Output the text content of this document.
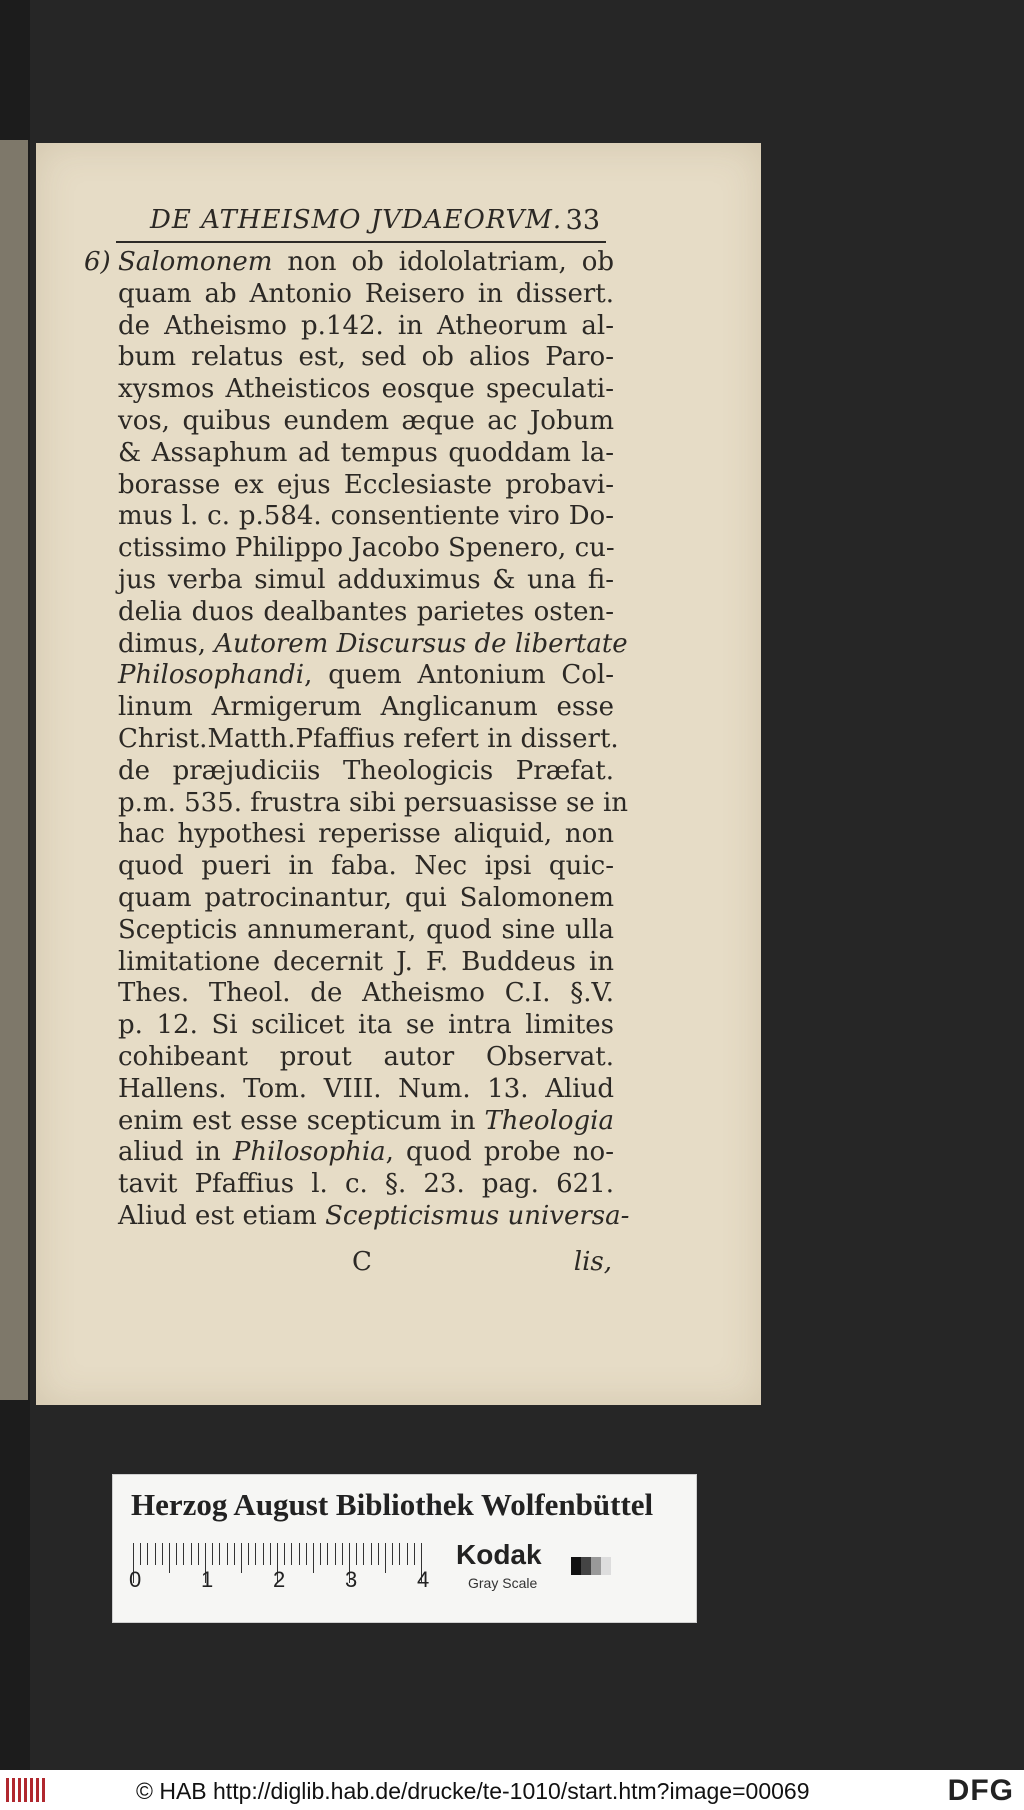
DE ATHEISMO JVDAEORVM. 33
6) Salomonem non ob idololatriam, ob
quam ab Antonio Reisero in dissert.
de Atheismo p.142. in Atheorum al-
bum relatus est, sed ob alios Paro-
xysmos Atheisticos eosque speculati-
vos, quibus eundem æque ac Jobum
& Assaphum ad tempus quoddam la-
borasse ex ejus Ecclesiaste probavi-
mus l. c. p.584. consentiente viro Do-
ctissimo Philippo Jacobo Spenero, cu-
jus verba simul adduximus & una fi-
delia duos dealbantes parietes osten-
dimus, Autorem Discursus de libertate
Philosophandi, quem Antonium Col-
linum Armigerum Anglicanum esse
Christ.Matth.Pfaffius refert in dissert.
de præjudiciis Theologicis Præfat.
p.m. 535. frustra sibi persuasisse se in
hac hypothesi reperisse aliquid, non
quod pueri in faba. Nec ipsi quic-
quam patrocinantur, qui Salomonem
Scepticis annumerant, quod sine ulla
limitatione decernit J. F. Buddeus in
Thes. Theol. de Atheismo C.I. §.V.
p. 12. Si scilicet ita se intra limites
cohibeant prout autor Observat.
Hallens. Tom. VIII. Num. 13. Aliud
enim est esse scepticum in Theologia
aliud in Philosophia, quod probe no-
tavit Pfaffius l. c. §. 23. pag. 621.
Aliud est etiam Scepticismus universa-
C	lis,
Herzog August Bibliothek Wolfenbüttel
0	1	2	3	4
Kodak
Gray Scale
© HAB http://diglib.hab.de/drucke/te-1010/start.htm?image=00069	DFG
